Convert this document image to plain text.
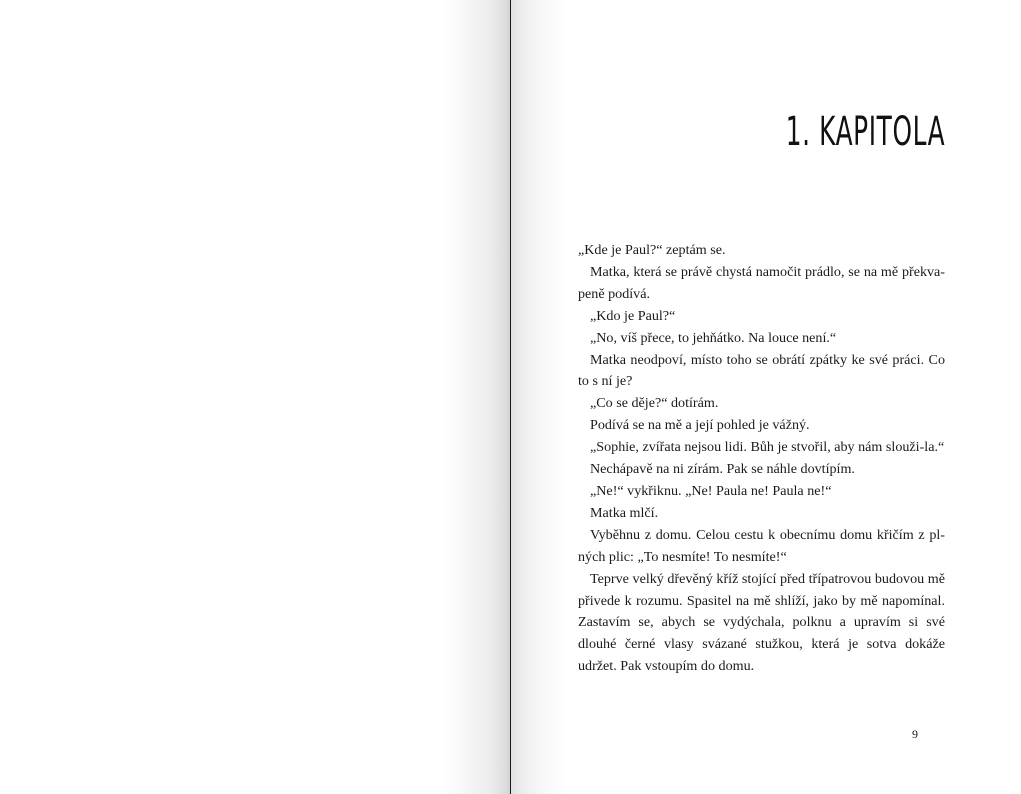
1. KAPITOLA

„Kde je Paul?“ zeptám se.

Matka, která se právě chystá namočit prádlo, se na mě překva-peně podívá.

„Kdo je Paul?“

„No, víš přece, to jehňátko. Na louce není.“

Matka neodpoví, místo toho se obrátí zpátky ke své práci. Co to s ní je?

„Co se děje?“ dotírám.

Podívá se na mě a její pohled je vážný.

„Sophie, zvířata nejsou lidi. Bůh je stvořil, aby nám slouži-la.“

Nechápavě na ni zírám. Pak se náhle dovtípím.

„Ne!“ vykřiknu. „Ne! Paula ne! Paula ne!“

Matka mlčí.

Vyběhnu z domu. Celou cestu k obecnímu domu křičím z pl-ných plic: „To nesmíte! To nesmíte!“

Teprve velký dřevěný kříž stojící před třípatrovou budovou mě přivede k rozumu. Spasitel na mě shlíží, jako by mě napomínal. Zastavím se, abych se vydýchala, polknu a upravím si své dlouhé černé vlasy svázané stužkou, která je sotva dokáže udržet. Pak vstoupím do domu.

9
